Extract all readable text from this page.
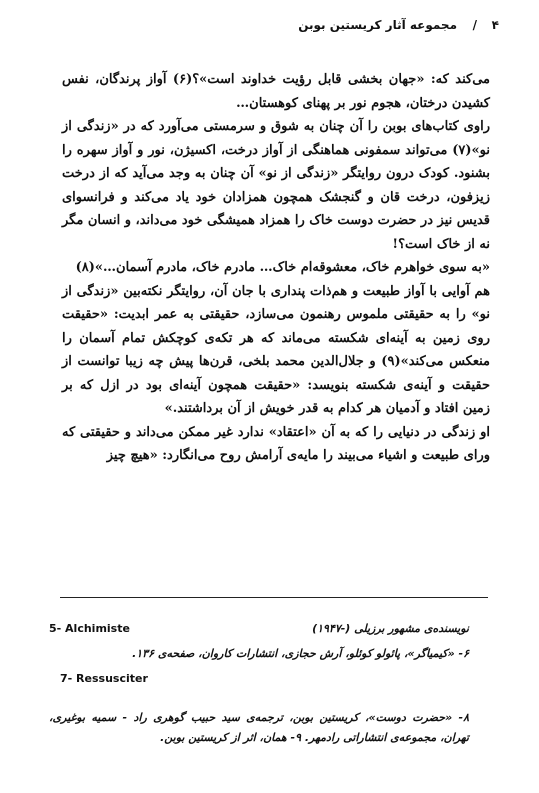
۴
/
مجموعه آثار کریستین بوبن

می‌کند که: «جهان بخشی قابل رؤیت خداوند است»؟(۶) آواز پرندگان، نفس کشیدن درختان، هجوم نور بر پهنای کوهستان…

راوی کتاب‌های بوبن را آن چنان به شوق و سرمستی می‌آورد که در «زندگی از نو»(۷) می‌تواند سمفونی هماهنگی از آواز درخت، اکسیژن، نور و آواز سهره را بشنود. کودک درون روایتگر «زندگی از نو» آن چنان به وجد می‌آید که از درخت زیزفون، درخت قان و گنجشک همچون همزادان خود یاد می‌کند و فرانسوای قدیس نیز در حضرت دوست خاک را همزاد همیشگی خود می‌داند، و انسان مگر نه از خاک است؟!

«به سوی خواهرم خاک، معشوقه‌ام خاک… مادرم خاک، مادرم آسمان…»(۸)

هم آوایی با آواز طبیعت و هم‌ذات پنداری با جان آن، روایتگر نکته‌بین «زندگی از نو» را به حقیقتی ملموس رهنمون می‌سازد، حقیقتی به عمر ابدیت: «حقیقت روی زمین به آینه‌ای شکسته می‌ماند که هر تکه‌ی کوچکش تمام آسمان را منعکس می‌کند»(۹) و جلال‌الدین محمد بلخی، قرن‌ها پیش چه زیبا توانست از حقیقت و آینه‌ی شکسته بنویسد: «حقیقت همچون آینه‌ای بود در ازل که بر زمین افتاد و آدمیان هر کدام به قدر خویش از آن برداشتند.»

او زندگی در دنیایی را که به آن «اعتقاد» ندارد غیر ممکن می‌داند و حقیقتی که ورای طبیعت و اشیاء می‌بیند را مایه‌ی آرامش روح می‌انگارد: «هیچ چیز

نویسنده‌ی مشهور برزیلی (-۱۹۴۷)
5- Alchimiste
۶- «کیمیاگر»، پائولو کوئلو، آرش حجازی، انتشارات کاروان، صفحه‌ی ۱۳۶.
7- Ressusciter
۸- «حضرت دوست»، کریستین بوبن، ترجمه‌ی سید حبیب گوهری راد - سمیه بوغیری، تهران، مجموعه‌ی انتشاراتی رادمهر. ۹- همان، اثر از کریستین بوبن.
